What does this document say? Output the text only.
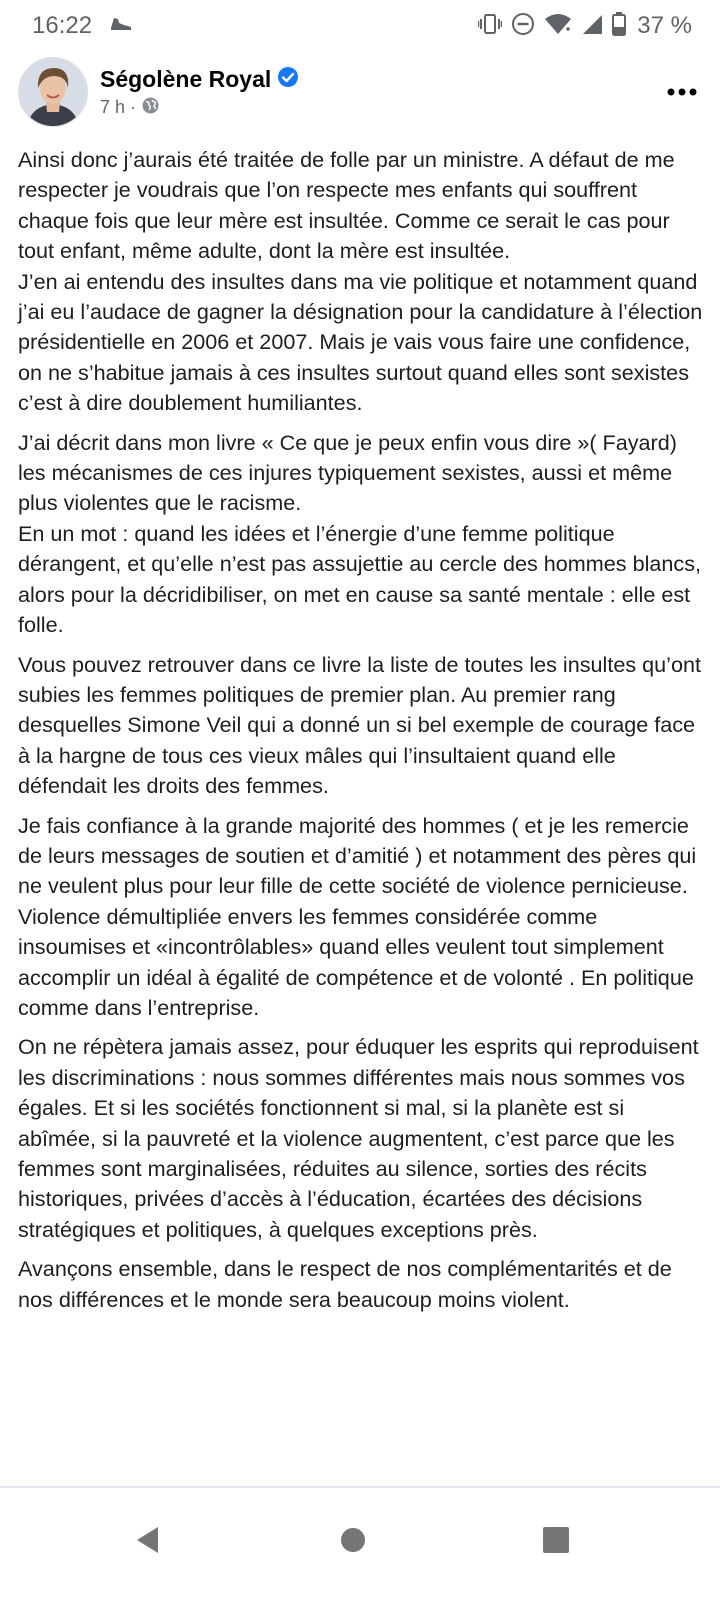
16:22	37 %
Ségolène Royal
7 h ·

Ainsi donc j’aurais été traitée de folle par un ministre. A défaut de me respecter je voudrais que l’on respecte mes enfants qui souffrent chaque fois que leur mère est insultée. Comme ce serait le cas pour tout enfant, même adulte, dont la mère est insultée.
J’en ai entendu des insultes dans ma vie politique et notamment quand j’ai eu l’audace de gagner la désignation pour la candidature à l’élection présidentielle en 2006 et 2007. Mais je vais vous faire une confidence, on ne s’habitue jamais à ces insultes surtout quand elles sont sexistes c’est à dire doublement humiliantes.

J’ai décrit dans mon livre « Ce que je peux enfin vous dire »( Fayard) les mécanismes de ces injures typiquement sexistes, aussi et même plus violentes que le racisme.
En un mot : quand les idées et l’énergie d’une femme politique dérangent, et qu’elle n’est pas assujettie au cercle des hommes blancs, alors pour la décridibiliser, on met en cause sa santé mentale : elle est folle.

Vous pouvez retrouver dans ce livre la liste de toutes les insultes qu’ont subies les femmes politiques de premier plan. Au premier rang desquelles Simone Veil qui a donné un si bel exemple de courage face à la hargne de tous ces vieux mâles qui l’insultaient quand elle défendait les droits des femmes.

Je fais confiance à la grande majorité des hommes ( et je les remercie de leurs messages de soutien et d’amitié ) et notamment des pères qui ne veulent plus pour leur fille de cette société de violence pernicieuse. Violence démultipliée envers les femmes considérée comme insoumises et «incontrôlables» quand elles veulent tout simplement accomplir un idéal à égalité de compétence et de volonté . En politique comme dans l’entreprise.

On ne répètera jamais assez, pour éduquer les esprits qui reproduisent les discriminations : nous sommes différentes mais nous sommes vos égales. Et si les sociétés fonctionnent si mal, si la planète est si abîmée, si la pauvreté et la violence augmentent, c’est parce que les femmes sont marginalisées, réduites au silence, sorties des récits historiques, privées d’accès à l’éducation, écartées des décisions stratégiques et politiques, à quelques exceptions près.

Avançons ensemble, dans le respect de nos complémentarités et de nos différences et le monde sera beaucoup moins violent.
